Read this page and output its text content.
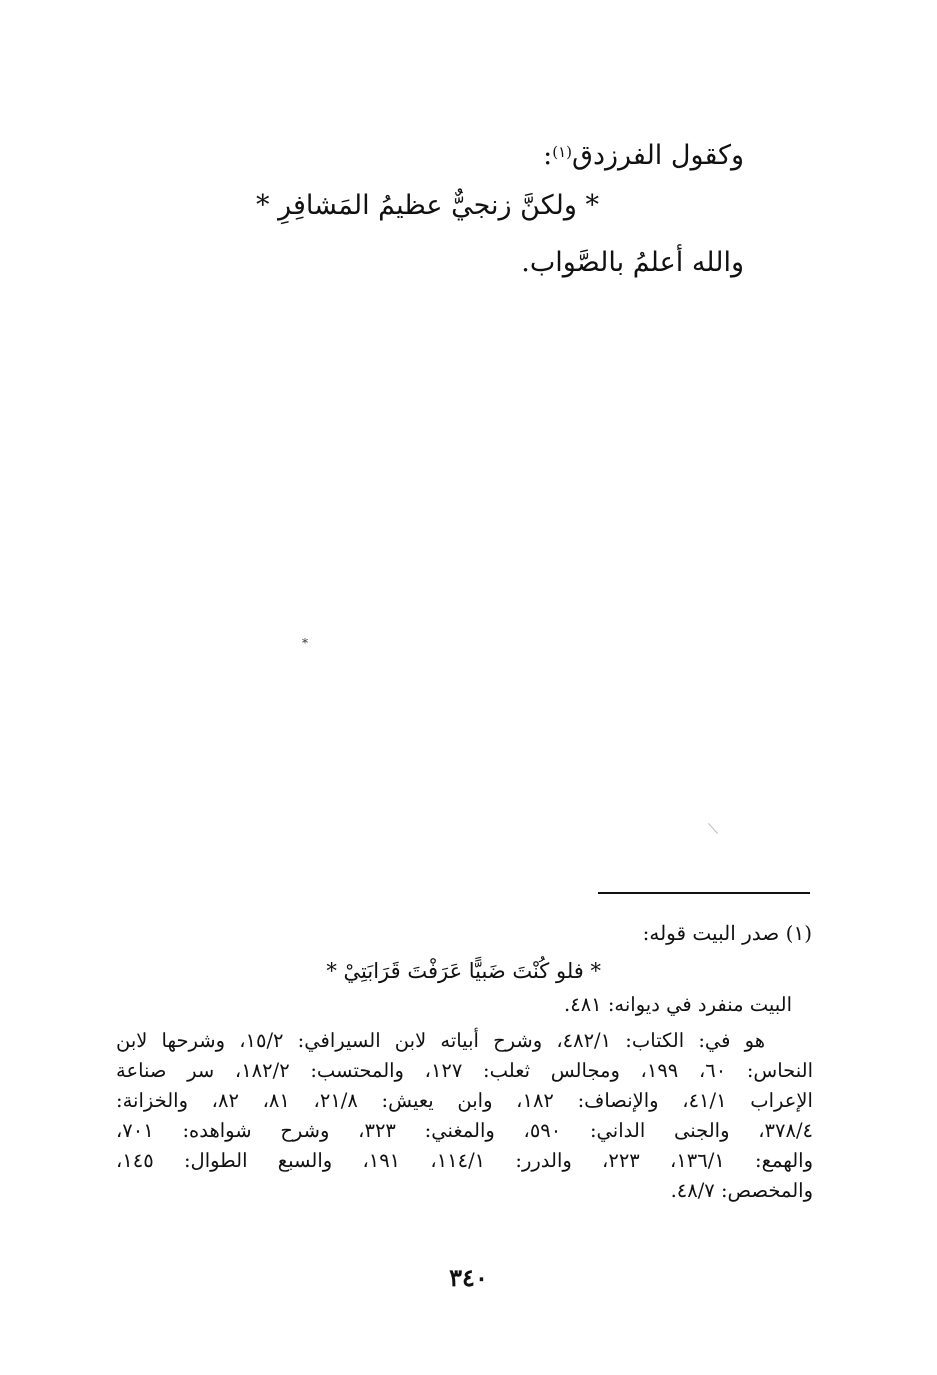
وكقول الفرزدق$^{(١)}$:
* ولكنَّ زنجيٌّ عظيمُ المَشافِرِ *
والله أعلمُ بالصَّواب.
*
(١) صدر البيت قوله:
* فلو كُنْتَ ضَبيًّا عَرَفْتَ قَرَابَتِيْ *
البيت منفرد في ديوانه: ٤٨١.
هو في: الكتاب: ٤٨٢/١، وشرح أبياته لابن السيرافي: ١٥/٢، وشرحها لابن
النحاس: ٦٠، ١٩٩، ومجالس ثعلب: ١٢٧، والمحتسب: ١٨٢/٢، سر صناعة
الإعراب ٤١/١، والإنصاف: ١٨٢، وابن يعيش: ٢١/٨، ٨١، ٨٢، والخزانة:
٣٧٨/٤، والجنى الداني: ٥٩٠، والمغني: ٣٢٣، وشرح شواهده: ٧٠١،
والهمع: ١٣٦/١، ٢٢٣، والدرر: ١١٤/١، ١٩١، والسبع الطوال: ١٤٥،
والمخصص: ٤٨/٧.
٣٤٠
